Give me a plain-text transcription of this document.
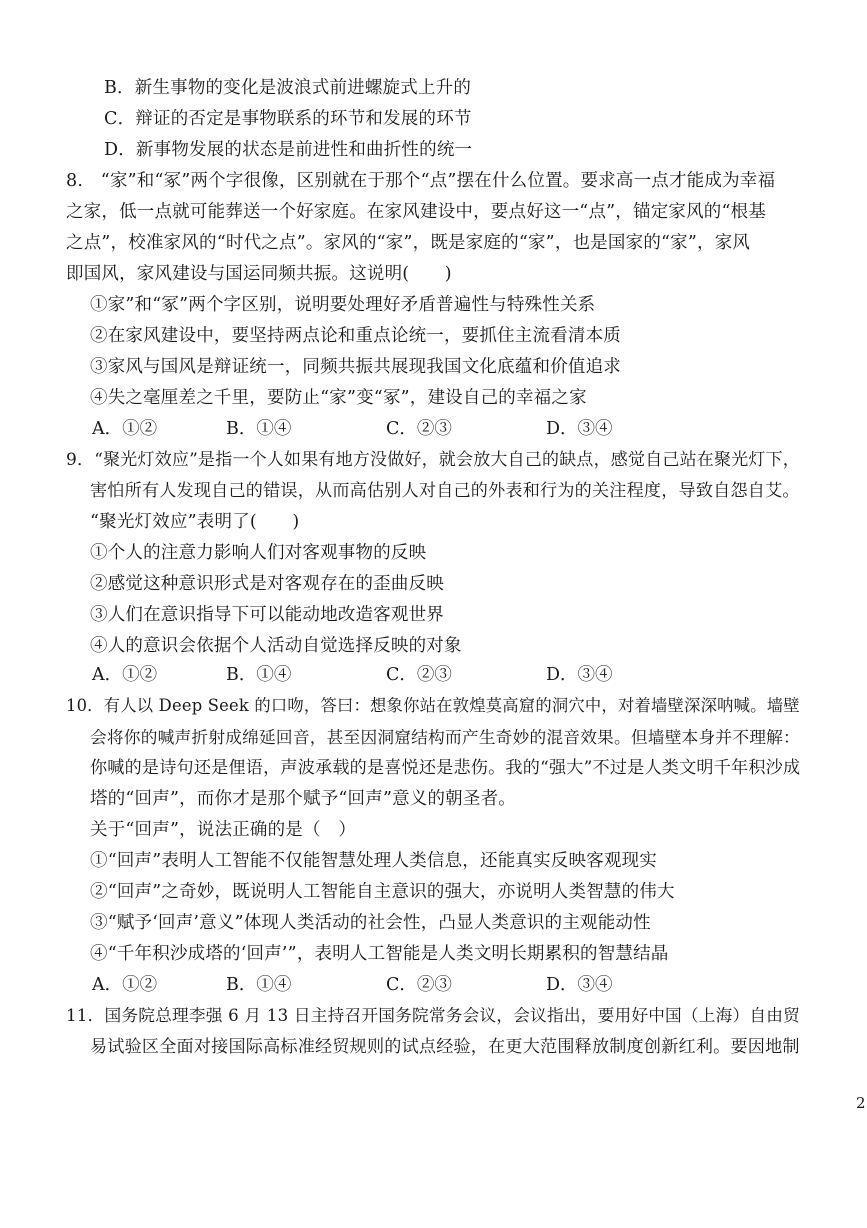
B．新生事物的变化是波浪式前进螺旋式上升的
C．辩证的否定是事物联系的环节和发展的环节
D．新事物发展的状态是前进性和曲折性的统一
8.　“家”和“冢”两个字很像，区别就在于那个“点”摆在什么位置。要求高一点才能成为幸福
之家，低一点就可能葬送一个好家庭。在家风建设中，要点好这一“点”，锚定家风的“根基
之点”，校准家风的“时代之点”。家风的“家”，既是家庭的“家”，也是国家的“家”，家风
即国风，家风建设与国运同频共振。这说明(　　)
①家”和“冢”两个字区别，说明要处理好矛盾普遍性与特殊性关系
②在家风建设中，要坚持两点论和重点论统一，要抓住主流看清本质
③家风与国风是辩证统一，同频共振共展现我国文化底蕴和价值追求
④失之毫厘差之千里，要防止“家”变“冢”，建设自己的幸福之家
A．①②	B．①④	C．②③	D．③④
9．“聚光灯效应”是指一个人如果有地方没做好，就会放大自己的缺点，感觉自己站在聚光灯下，
害怕所有人发现自己的错误，从而高估别人对自己的外表和行为的关注程度，导致自怨自艾。
“聚光灯效应”表明了(　　)
①个人的注意力影响人们对客观事物的反映
②感觉这种意识形式是对客观存在的歪曲反映
③人们在意识指导下可以能动地改造客观世界
④人的意识会依据个人活动自觉选择反映的对象
A．①②	B．①④	C．②③	D．③④
10．有人以 Deep Seek 的口吻，答曰：想象你站在敦煌莫高窟的洞穴中，对着墙壁深深呐喊。墙壁
会将你的喊声折射成绵延回音，甚至因洞窟结构而产生奇妙的混音效果。但墙壁本身并不理解：
你喊的是诗句还是俚语，声波承载的是喜悦还是悲伤。我的“强大”不过是人类文明千年积沙成
塔的“回声”，而你才是那个赋予“回声”意义的朝圣者。
关于“回声”，说法正确的是（　）
①“回声”表明人工智能不仅能智慧处理人类信息，还能真实反映客观现实
②“回声”之奇妙，既说明人工智能自主意识的强大，亦说明人类智慧的伟大
③“赋予‘回声’意义”体现人类活动的社会性，凸显人类意识的主观能动性
④“千年积沙成塔的‘回声’”，表明人工智能是人类文明长期累积的智慧结晶
A．①②	B．①④	C．②③	D．③④
11．国务院总理李强 6 月 13 日主持召开国务院常务会议，会议指出，要用好中国（上海）自由贸
易试验区全面对接国际高标准经贸规则的试点经验，在更大范围释放制度创新红利。要因地制
2
